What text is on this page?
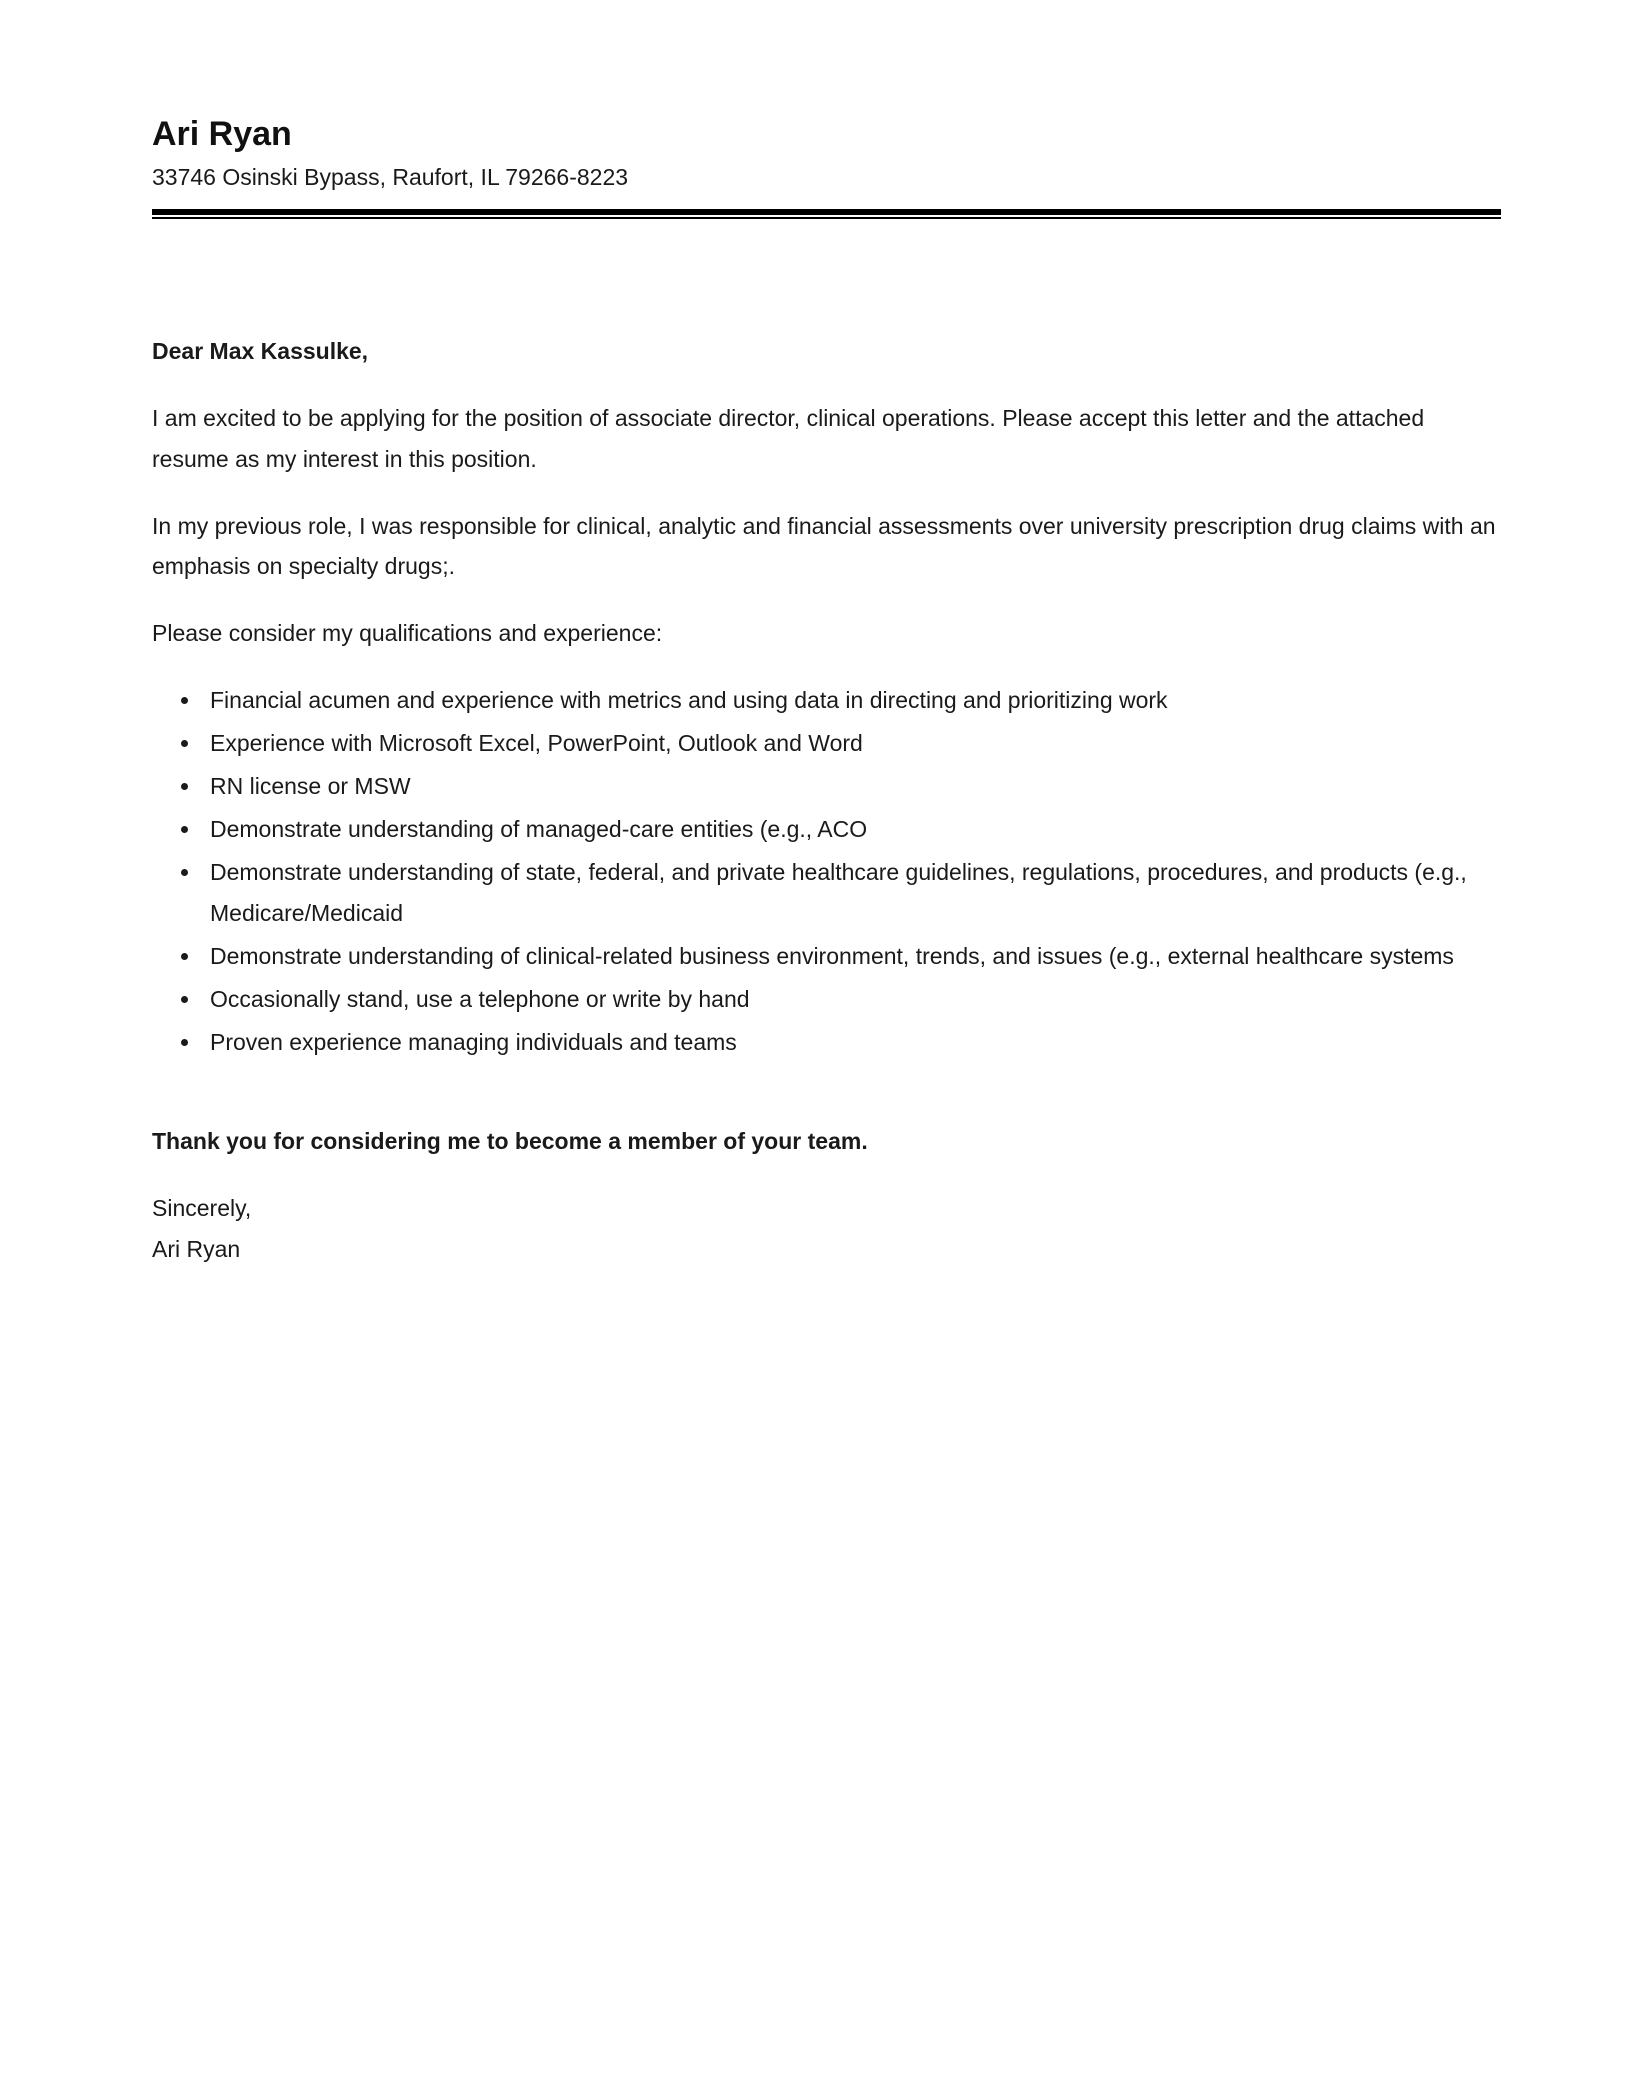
Ari Ryan
33746 Osinski Bypass, Raufort, IL 79266-8223

Dear Max Kassulke,

I am excited to be applying for the position of associate director, clinical operations. Please accept this letter and the attached resume as my interest in this position.

In my previous role, I was responsible for clinical, analytic and financial assessments over university prescription drug claims with an emphasis on specialty drugs;.

Please consider my qualifications and experience:

• Financial acumen and experience with metrics and using data in directing and prioritizing work
• Experience with Microsoft Excel, PowerPoint, Outlook and Word
• RN license or MSW
• Demonstrate understanding of managed-care entities (e.g., ACO
• Demonstrate understanding of state, federal, and private healthcare guidelines, regulations, procedures, and products (e.g., Medicare/Medicaid
• Demonstrate understanding of clinical-related business environment, trends, and issues (e.g., external healthcare systems
• Occasionally stand, use a telephone or write by hand
• Proven experience managing individuals and teams

Thank you for considering me to become a member of your team.

Sincerely,
Ari Ryan
